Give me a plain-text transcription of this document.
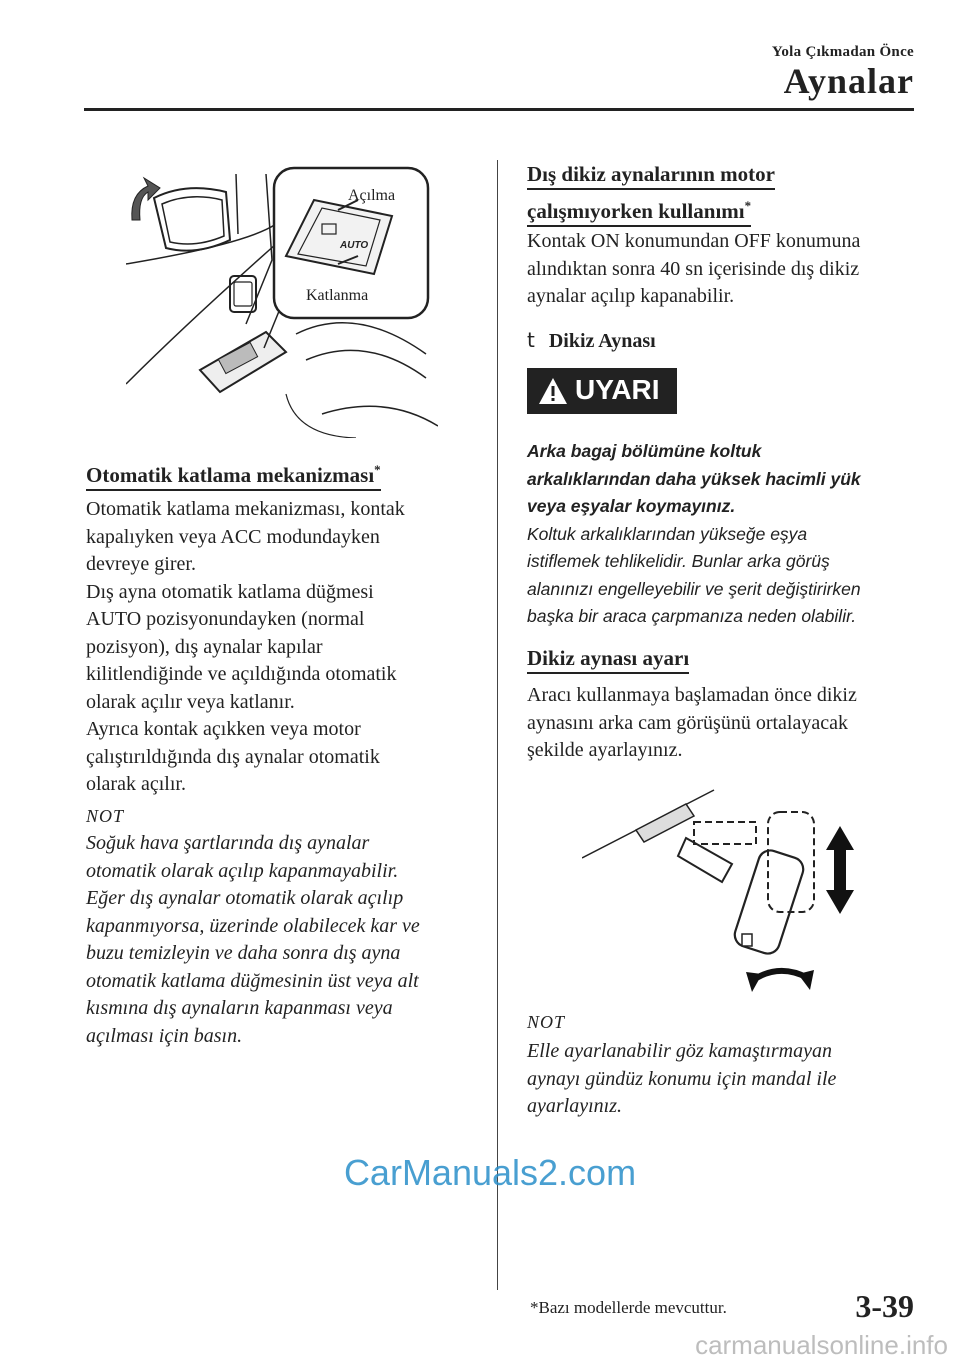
Yola Çıkmadan Önce
Aynalar
AUTO
Açılma
Katlanma
Otomatik katlama mekanizması*
Otomatik katlama mekanizması, kontak
kapalıyken veya ACC modundayken
devreye girer.
Dış ayna otomatik katlama düğmesi
AUTO pozisyonundayken (normal
pozisyon), dış aynalar kapılar
kilitlendiğinde ve açıldığında otomatik
olarak açılır veya katlanır.
Ayrıca kontak açıkken veya motor
çalıştırıldığında dış aynalar otomatik
olarak açılır.
NOT
Soğuk hava şartlarında dış aynalar
otomatik olarak açılıp kapanmayabilir.
Eğer dış aynalar otomatik olarak açılıp
kapanmıyorsa, üzerinde olabilecek kar ve
buzu temizleyin ve daha sonra dış ayna
otomatik katlama düğmesinin üst veya alt
kısmına dış aynaların kapanması veya
açılması için basın.
Dış dikiz aynalarının motor
çalışmıyorken kullanımı*
Kontak ON konumundan OFF konumuna
alındıktan sonra 40 sn içerisinde dış dikiz
aynalar açılıp kapanabilir.
t Dikiz Aynası
UYARI
Arka bagaj bölümüne koltuk
arkalıklarından daha yüksek hacimli yük
veya eşyalar koymayınız.
Koltuk arkalıklarından yükseğe eşya
istiflemek tehlikelidir. Bunlar arka görüş
alanınızı engelleyebilir ve şerit değiştirirken
başka bir araca çarpmanıza neden olabilir.
Dikiz aynası ayarı
Aracı kullanmaya başlamadan önce dikiz
aynasını arka cam görüşünü ortalayacak
şekilde ayarlayınız.
NOT
Elle ayarlanabilir göz kamaştırmayan
aynayı gündüz konumu için mandal ile
ayarlayınız.
CarManuals2.com
*Bazı modellerde mevcuttur.	3-39
carmanualsonline.info
